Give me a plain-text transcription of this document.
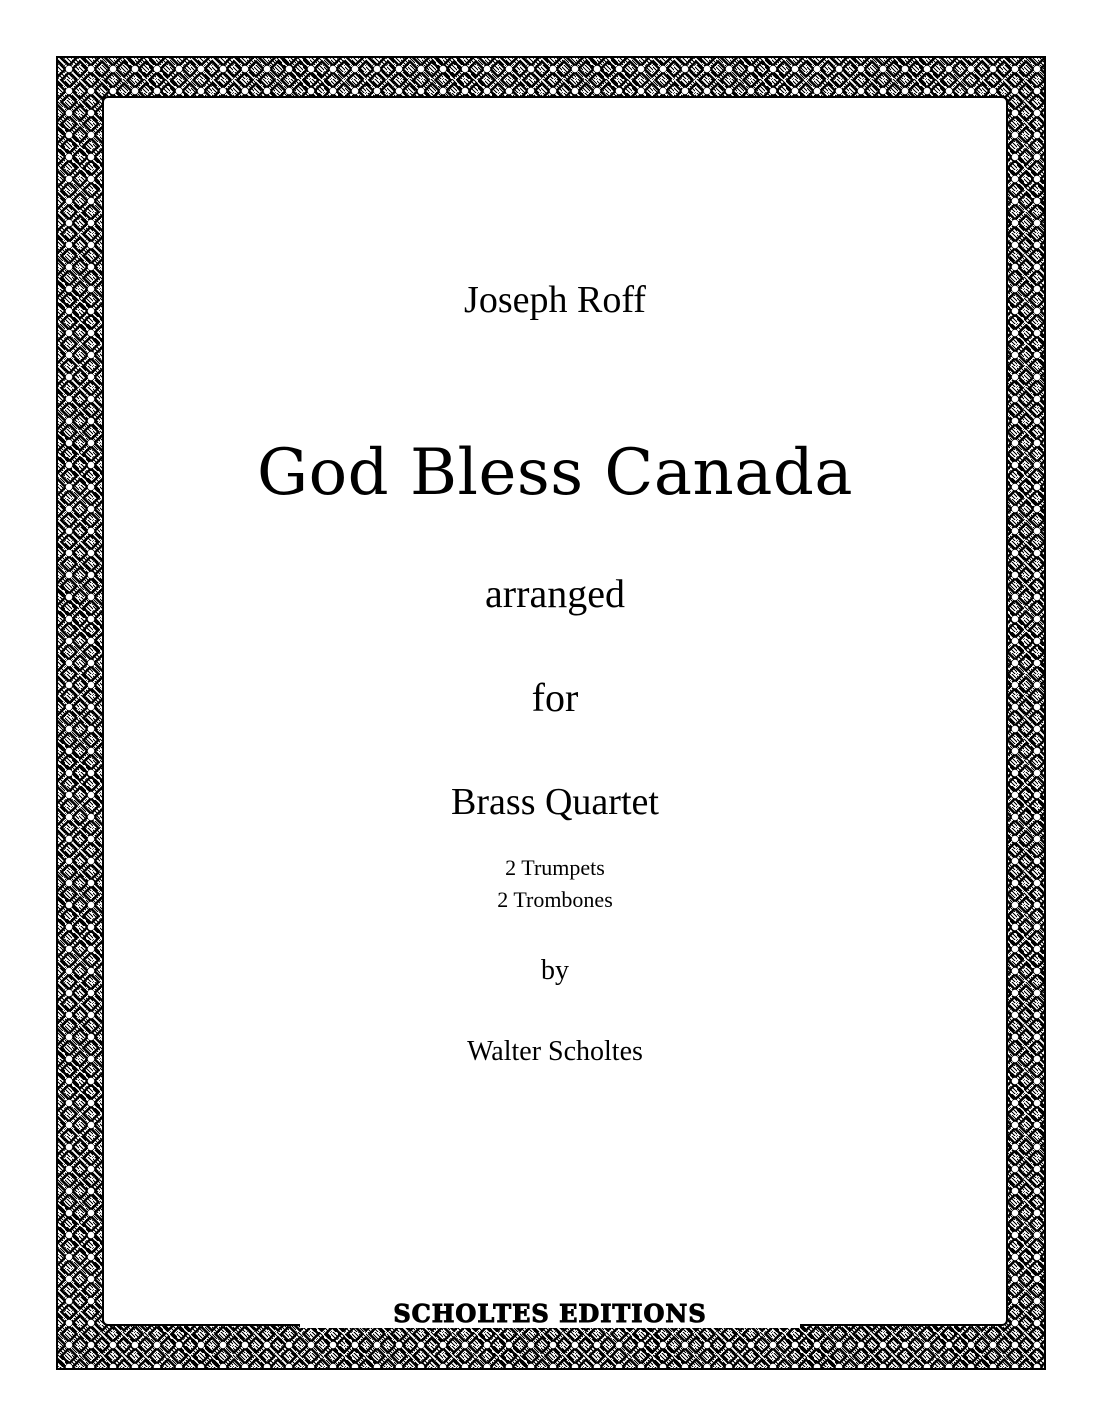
Joseph Roff
God Bless Canada
arranged
for
Brass Quartet
2 Trumpets
2 Trombones
by
Walter Scholtes
SCHOLTES EDITIONS
